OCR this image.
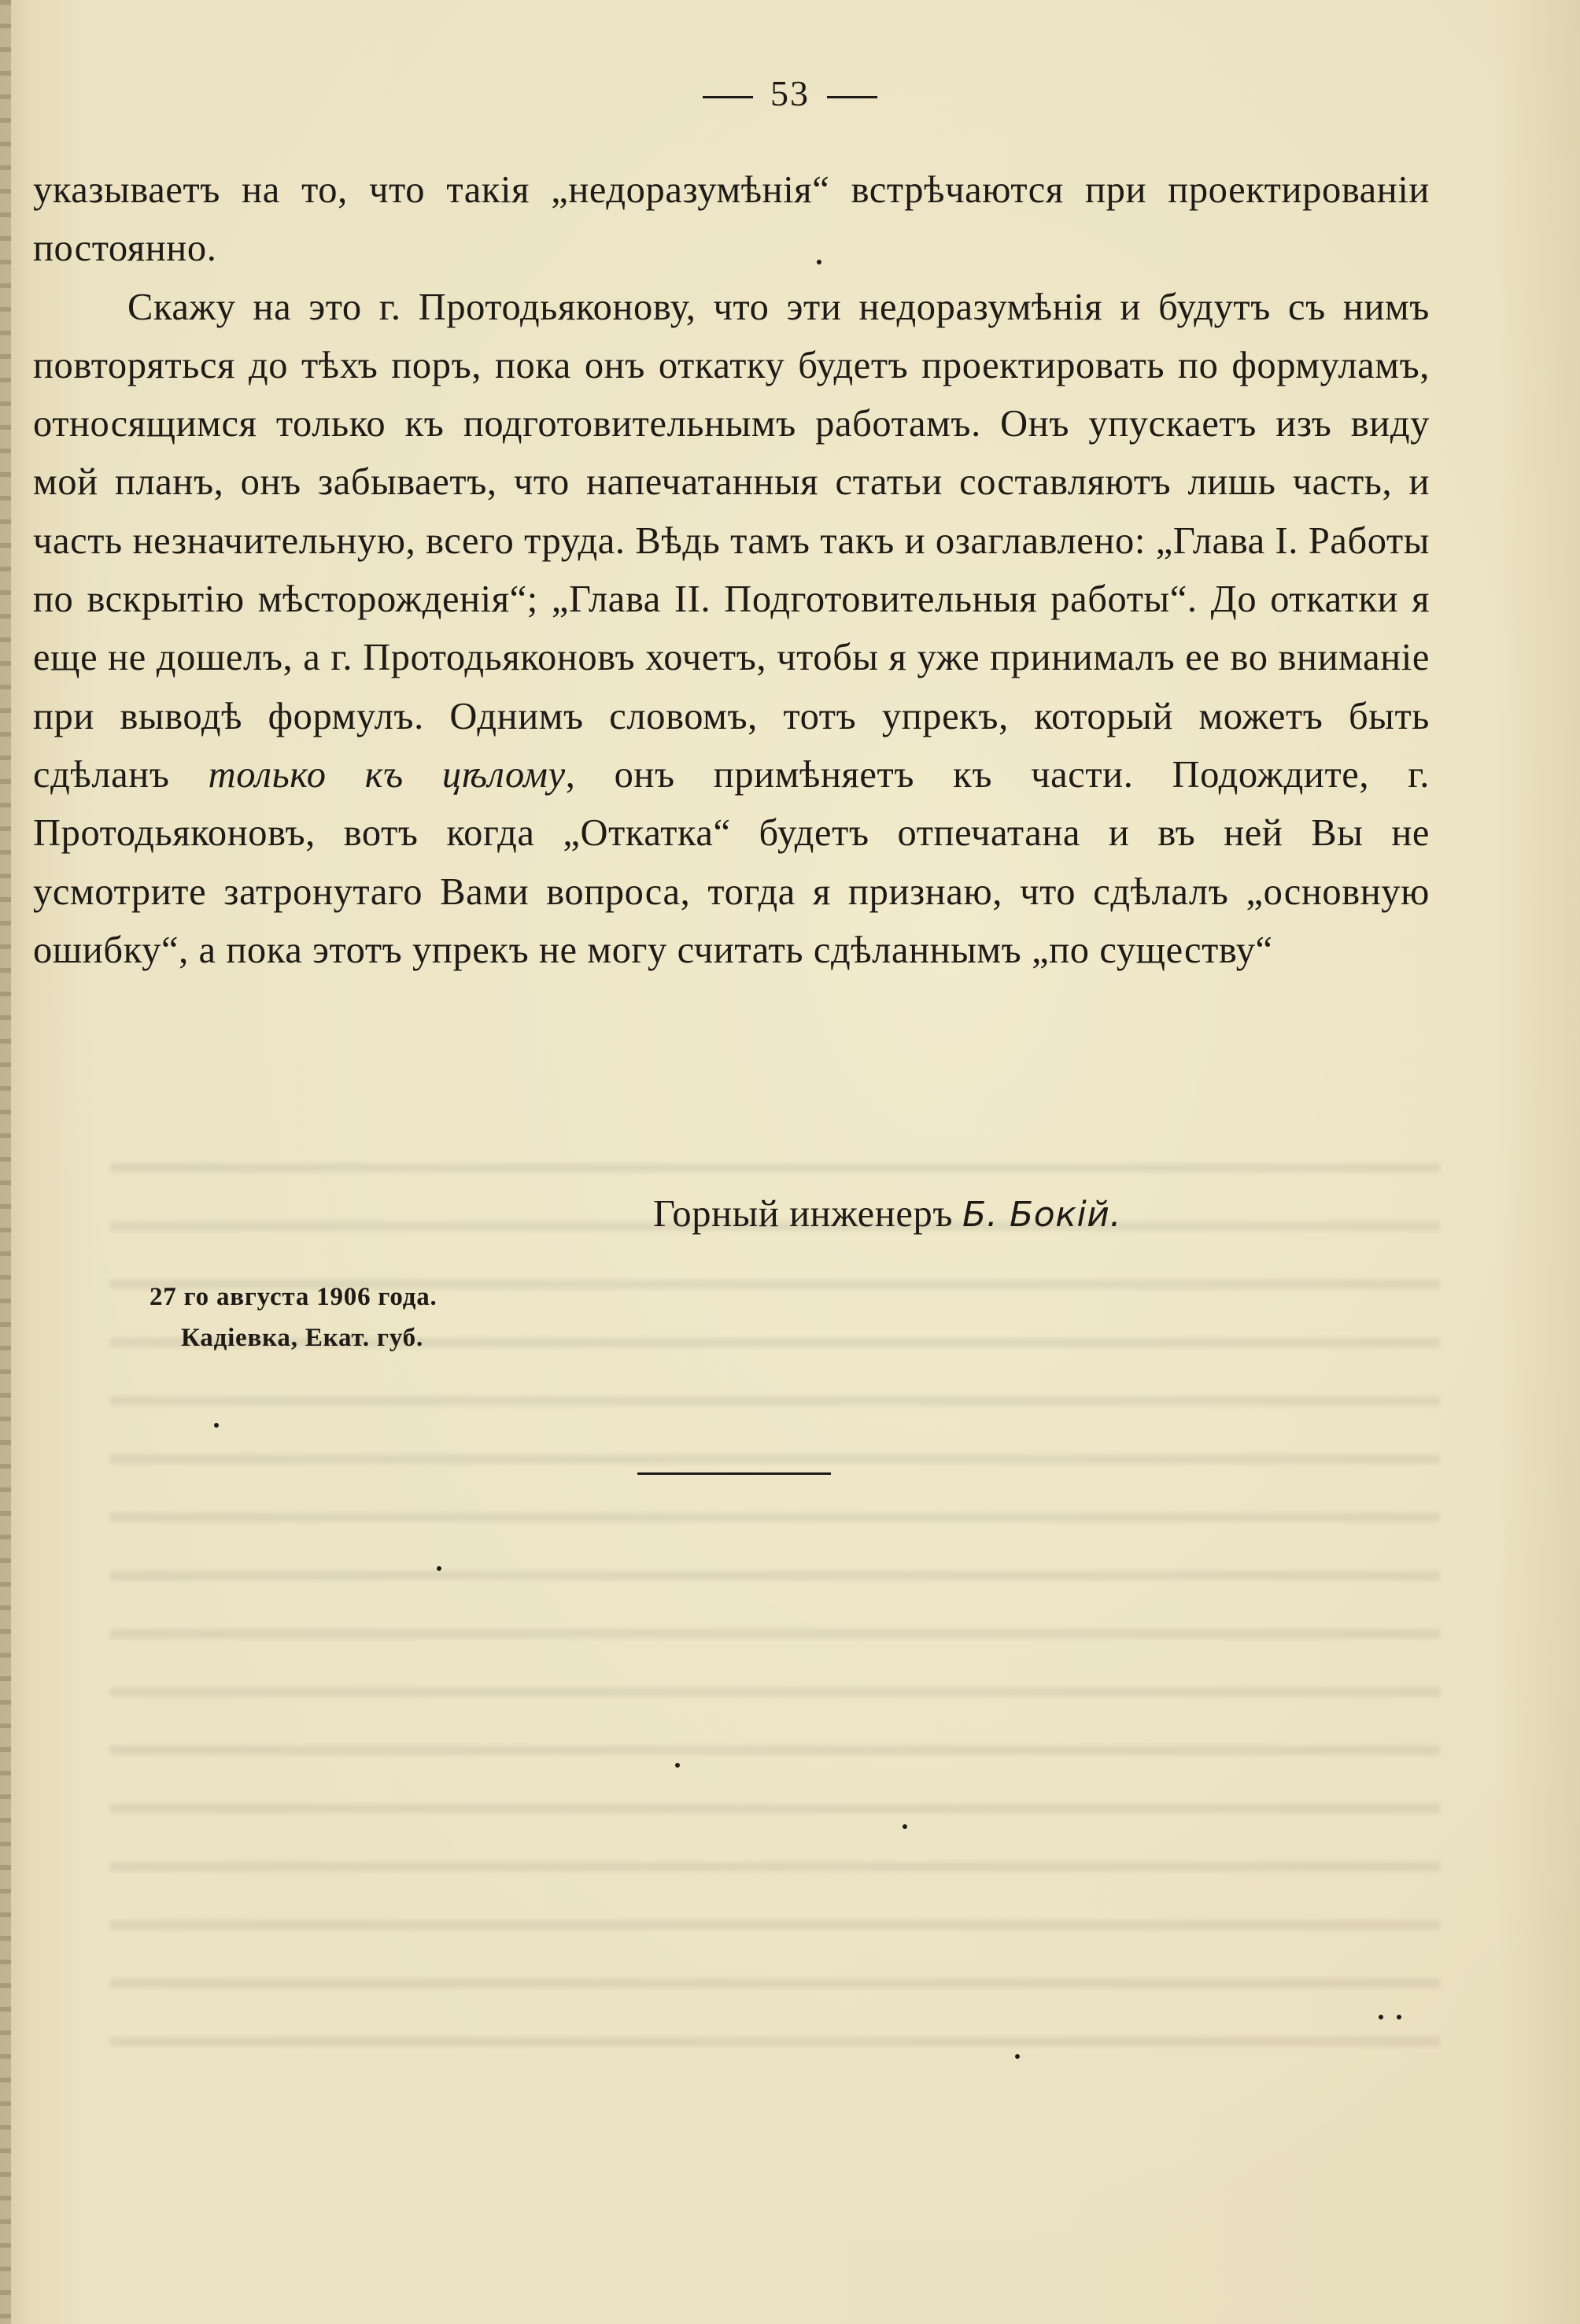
53

указываетъ на то, что такія „недоразумѣнія“ встрѣчаются при проектированіи постоянно.

Скажу на это г. Протодьяконову, что эти недоразумѣнія и будутъ съ нимъ повторяться до тѣхъ поръ, пока онъ откатку будетъ проектировать по формуламъ, относящимся только къ подготовительнымъ работамъ. Онъ упускаетъ изъ виду мой планъ, онъ забываетъ, что напечатанныя статьи составляютъ лишь часть, и часть незначительную, всего труда. Вѣдь тамъ такъ и озаглавлено: „Глава I. Работы по вскрытію мѣсторожденія“; „Глава II. Подготовительныя работы“. До откатки я еще не дошелъ, а г. Протодьяконовъ хочетъ, чтобы я уже принималъ ее во вниманіе при выводѣ формулъ. Однимъ словомъ, тотъ упрекъ, который можетъ быть сдѣланъ только къ цѣлому, онъ примѣняетъ къ части. Подождите, г. Протодьяконовъ, вотъ когда „Откатка“ будетъ отпечатана и въ ней Вы не усмотрите затронутаго Вами вопроса, тогда я признаю, что сдѣлалъ „основную ошибку“, а пока этотъ упрекъ не могу считать сдѣланнымъ „по существу“

Горный инженеръ Б. Бокій.
27 го августа 1906 года.
Кадіевка, Екат. губ.
